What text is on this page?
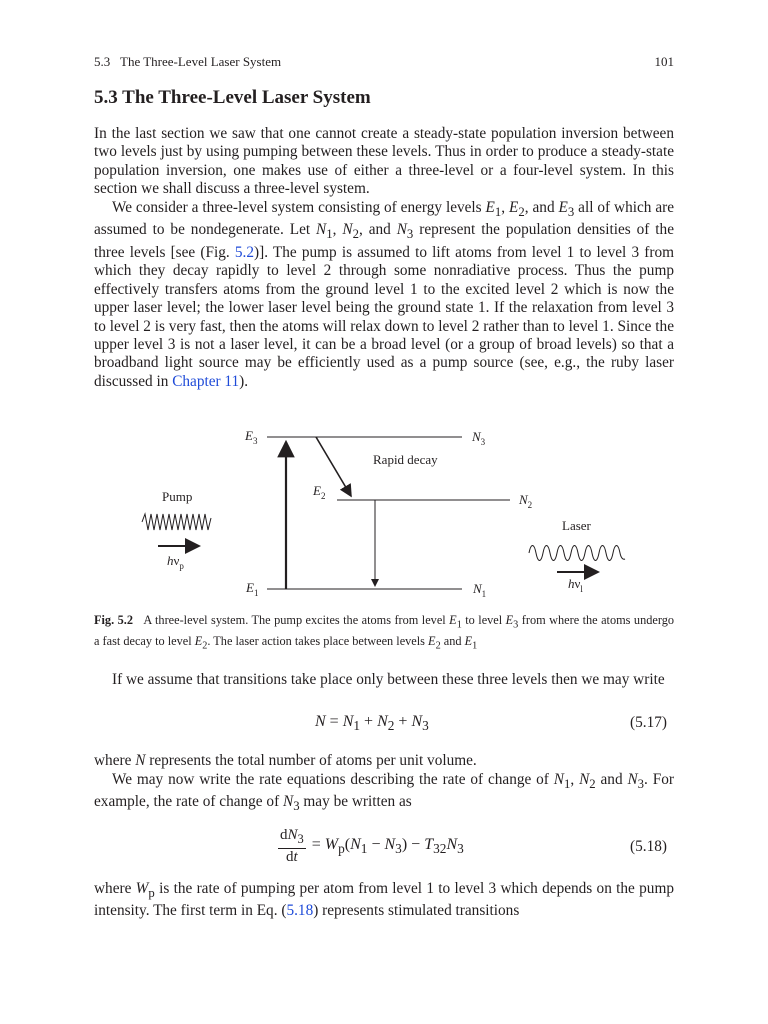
5.3 The Three-Level Laser System	101
5.3 The Three-Level Laser System

In the last section we saw that one cannot create a steady-state population inversion between two levels just by using pumping between these levels. Thus in order to produce a steady-state population inversion, one makes use of either a three-level or a four-level system. In this section we shall discuss a three-level system.

We consider a three-level system consisting of energy levels $E_1$, $E_2$, and $E_3$ all of which are assumed to be nondegenerate. Let $N_1$, $N_2$, and $N_3$ represent the population densities of the three levels [see (Fig. 5.2)]. The pump is assumed to lift atoms from level 1 to level 3 from which they decay rapidly to level 2 through some nonradiative process. Thus the pump effectively transfers atoms from the ground level 1 to the excited level 2 which is now the upper laser level; the lower laser level being the ground state 1. If the relaxation from level 3 to level 2 is very fast, then the atoms will relax down to level 2 rather than to level 1. Since the upper level 3 is not a laser level, it can be a broad level (or a group of broad levels) so that a broadband light source may be efficiently used as a pump source (see, e.g., the ruby laser discussed in Chapter 11).

$E_3$	$N_3$
$E_2$	$N_2$
$E_1$	$N_1$
Rapid decay
Pump
$h\nu_p$
Laser
$h\nu_l$

Fig. 5.2 A three-level system. The pump excites the atoms from level $E_1$ to level $E_3$ from where the atoms undergo a fast decay to level $E_2$. The laser action takes place between levels $E_2$ and $E_1$

If we assume that transitions take place only between these three levels then we may write

$N = N_1 + N_2 + N_3$	(5.17)

where N represents the total number of atoms per unit volume.

We may now write the rate equations describing the rate of change of $N_1$, $N_2$ and $N_3$. For example, the rate of change of $N_3$ may be written as

$\frac{dN_3}{dt} = W_p(N_1 - N_3) - T_{32}N_3$	(5.18)

where $W_p$ is the rate of pumping per atom from level 1 to level 3 which depends on the pump intensity. The first term in Eq. (5.18) represents stimulated transitions
